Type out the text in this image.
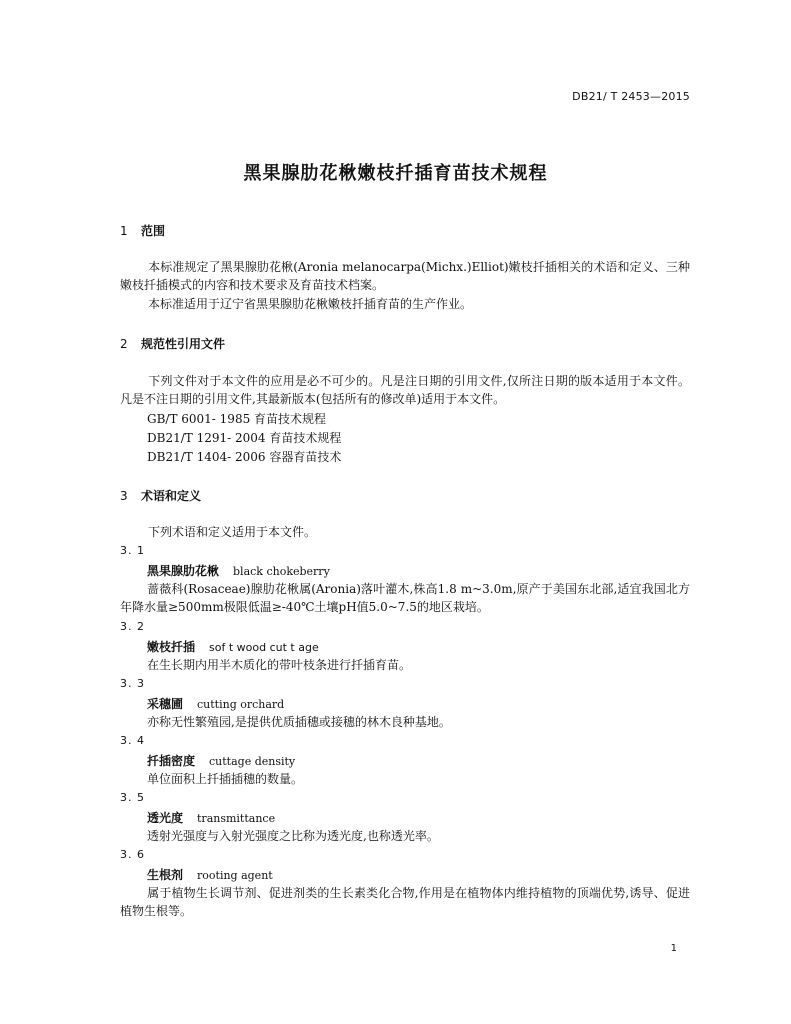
DB21/ T 2453—2015
黑果腺肋花楸嫩枝扦插育苗技术规程
1 范围
本标准规定了黑果腺肋花楸(Aronia melanocarpa(Michx.)Elliot)嫩枝扦插相关的术语和定义、三种嫩枝扦插模式的内容和技术要求及育苗技术档案。
本标准适用于辽宁省黑果腺肋花楸嫩枝扦插育苗的生产作业。
2 规范性引用文件
下列文件对于本文件的应用是必不可少的。凡是注日期的引用文件,仅所注日期的版本适用于本文件。凡是不注日期的引用文件,其最新版本(包括所有的修改单)适用于本文件。
GB/T 6001- 1985 育苗技术规程
DB21/T 1291- 2004 育苗技术规程
DB21/T 1404- 2006 容器育苗技术
3 术语和定义
下列术语和定义适用于本文件。
3. 1
黑果腺肋花楸 black chokeberry
蔷薇科(Rosaceae)腺肋花楸属(Aronia)落叶灌木,株高1.8 m~3.0m,原产于美国东北部,适宜我国北方年降水量≥500mm极限低温≥-40℃土壤pH值5.0~7.5的地区栽培。
3. 2
嫩枝扦插 sof t wood cut t age
在生长期内用半木质化的带叶枝条进行扦插育苗。
3. 3
采穗圃 cutting orchard
亦称无性繁殖园,是提供优质插穗或接穗的林木良种基地。
3. 4
扦插密度 cuttage density
单位面积上扦插插穗的数量。
3. 5
透光度 transmittance
透射光强度与入射光强度之比称为透光度,也称透光率。
3. 6
生根剂 rooting agent
属于植物生长调节剂、促进剂类的生长素类化合物,作用是在植物体内维持植物的顶端优势,诱导、促进植物生根等。
1
